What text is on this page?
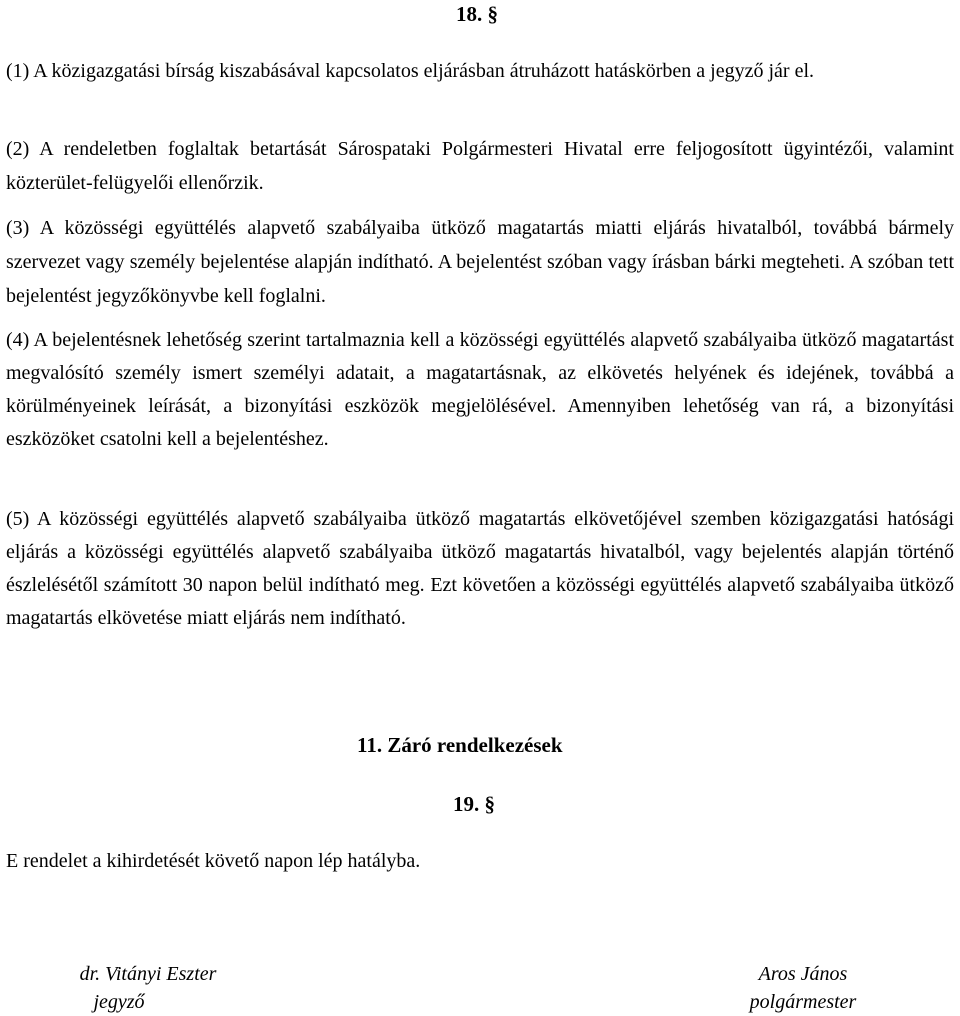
18. §
(1) A közigazgatási bírság kiszabásával kapcsolatos eljárásban átruházott hatáskörben a jegyző jár el.
(2) A rendeletben foglaltak betartását Sárospataki Polgármesteri Hivatal erre feljogosított ügyintézői, valamint közterület-felügyelői ellenőrzik.
(3) A közösségi együttélés alapvető szabályaiba ütköző magatartás miatti eljárás hivatalból, továbbá bármely szervezet vagy személy bejelentése alapján indítható. A bejelentést szóban vagy írásban bárki megteheti. A szóban tett bejelentést jegyzőkönyvbe kell foglalni.
(4) A bejelentésnek lehetőség szerint tartalmaznia kell a közösségi együttélés alapvető szabályaiba ütköző magatartást megvalósító személy ismert személyi adatait, a magatartásnak, az elkövetés helyének és idejének, továbbá a körülményeinek leírását, a bizonyítási eszközök megjelölésével. Amennyiben lehetőség van rá, a bizonyítási eszközöket csatolni kell a bejelentéshez.
(5) A közösségi együttélés alapvető szabályaiba ütköző magatartás elkövetőjével szemben közigazgatási hatósági eljárás a közösségi együttélés alapvető szabályaiba ütköző magatartás hivatalból, vagy bejelentés alapján történő észlelésétől számított 30 napon belül indítható meg. Ezt követően a közösségi együttélés alapvető szabályaiba ütköző magatartás elkövetése miatt eljárás nem indítható.
11. Záró rendelkezések
19. §
E rendelet a kihirdetését követő napon lép hatályba.
dr. Vitányi Eszter
jegyző
Aros János
polgármester
